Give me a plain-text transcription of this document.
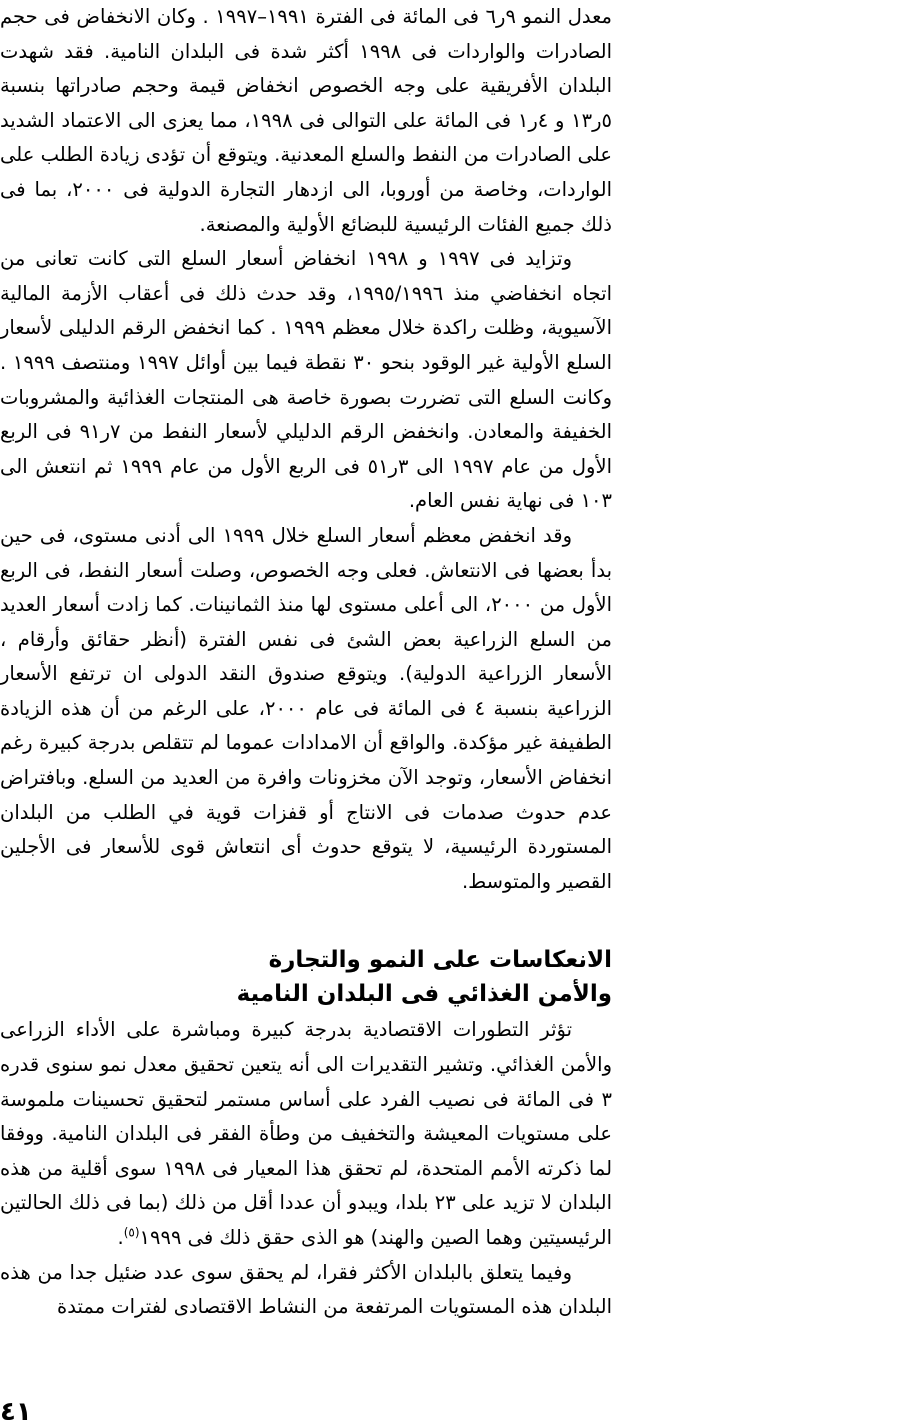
معدل النمو ٩ر٦ فى المائة فى الفترة ١٩٩١–١٩٩٧ . وكان الانخفاض فى حجم الصادرات والواردات فى ١٩٩٨ أكثر شدة فى البلدان النامية. فقد شهدت البلدان الأفريقية على وجه الخصوص انخفاض قيمة وحجم صادراتها بنسبة ٥ر١٣ و ٤ر١ فى المائة على التوالى فى ١٩٩٨، مما يعزى الى الاعتماد الشديد على الصادرات من النفط والسلع المعدنية. ويتوقع أن تؤدى زيادة الطلب على الواردات، وخاصة من أوروبا، الى ازدهار التجارة الدولية فى ٢٠٠٠، بما فى ذلك جميع الفئات الرئيسية للبضائع الأولية والمصنعة.

وتزايد فى ١٩٩٧ و ١٩٩٨ انخفاض أسعار السلع التى كانت تعانى من اتجاه انخفاضي منذ ١٩٩٥/١٩٩٦، وقد حدث ذلك فى أعقاب الأزمة المالية الآسيوية، وظلت راكدة خلال معظم ١٩٩٩ . كما انخفض الرقم الدليلى لأسعار السلع الأولية غير الوقود بنحو ٣٠ نقطة فيما بين أوائل ١٩٩٧ ومنتصف ١٩٩٩ . وكانت السلع التى تضررت بصورة خاصة هى المنتجات الغذائية والمشروبات الخفيفة والمعادن. وانخفض الرقم الدليلي لأسعار النفط من ٧ر٩١ فى الربع الأول من عام ١٩٩٧ الى ٣ر٥١ فى الربع الأول من عام ١٩٩٩ ثم انتعش الى ١٠٣ فى نهاية نفس العام.

وقد انخفض معظم أسعار السلع خلال ١٩٩٩ الى أدنى مستوى، فى حين بدأ بعضها فى الانتعاش. فعلى وجه الخصوص، وصلت أسعار النفط، فى الربع الأول من ٢٠٠٠، الى أعلى مستوى لها منذ الثمانينات. كما زادت أسعار العديد من السلع الزراعية بعض الشئ فى نفس الفترة (أنظر حقائق وأرقام ، الأسعار الزراعية الدولية). ويتوقع صندوق النقد الدولى ان ترتفع الأسعار الزراعية بنسبة ٤ فى المائة فى عام ٢٠٠٠، على الرغم من أن هذه الزيادة الطفيفة غير مؤكدة. والواقع أن الامدادات عموما لم تتقلص بدرجة كبيرة رغم انخفاض الأسعار، وتوجد الآن مخزونات وافرة من العديد من السلع. وبافتراض عدم حدوث صدمات فى الانتاج أو قفزات قوية في الطلب من البلدان المستوردة الرئيسية، لا يتوقع حدوث أى انتعاش قوى للأسعار فى الأجلين القصير والمتوسط.

الانعكاسات على النمو والتجارة

والأمن الغذائي فى البلدان النامية

تؤثر التطورات الاقتصادية بدرجة كبيرة ومباشرة على الأداء الزراعى والأمن الغذائي. وتشير التقديرات الى أنه يتعين تحقيق معدل نمو سنوى قدره ٣ فى المائة فى نصيب الفرد على أساس مستمر لتحقيق تحسينات ملموسة على مستويات المعيشة والتخفيف من وطأة الفقر فى البلدان النامية. ووفقا لما ذكرته الأمم المتحدة، لم تحقق هذا المعيار فى ١٩٩٨ سوى أقلية من هذه البلدان لا تزيد على ٢٣ بلدا، ويبدو أن عددا أقل من ذلك (بما فى ذلك الحالتين الرئيسيتين وهما الصين والهند) هو الذى حقق ذلك فى ١٩٩٩$^{(٥)}$.

وفيما يتعلق بالبلدان الأكثر فقرا، لم يحقق سوى عدد ضئيل جدا من هذه البلدان هذه المستويات المرتفعة من النشاط الاقتصادى لفترات ممتدة

٤١
